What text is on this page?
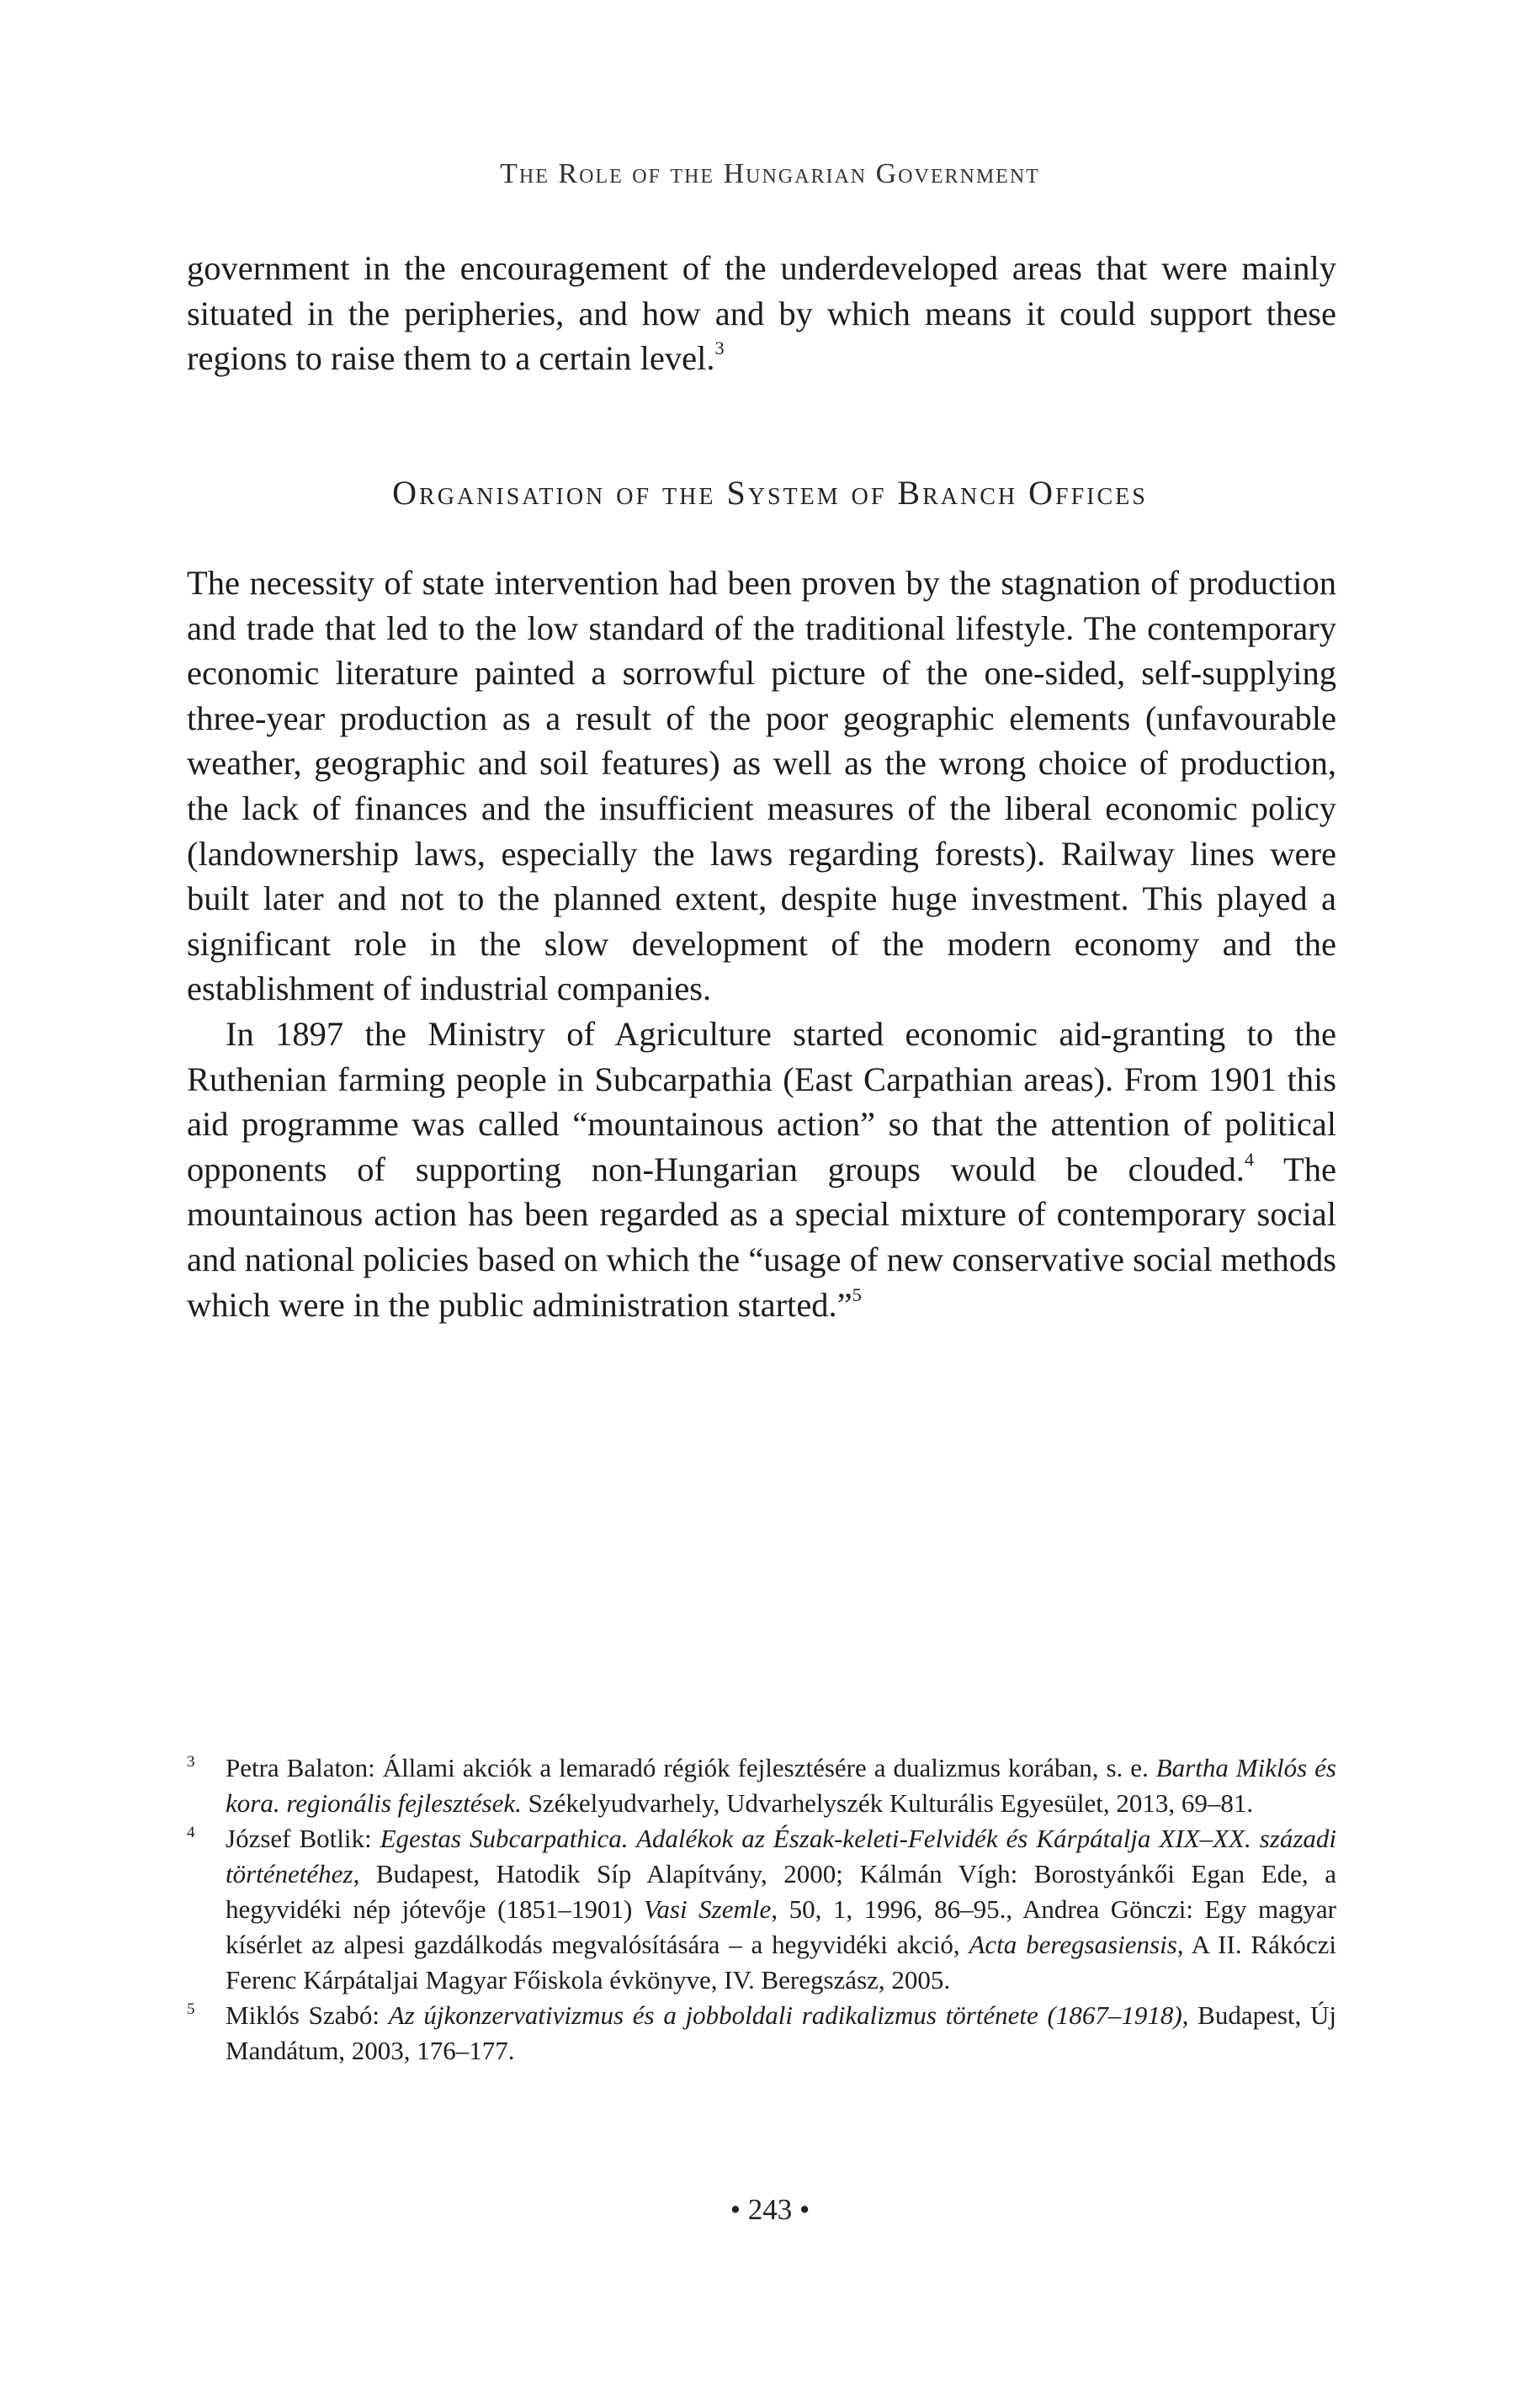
The Role of the Hungarian Government

government in the encouragement of the underdeveloped areas that were mainly situated in the peripheries, and how and by which means it could support these regions to raise them to a certain level.$^3$

Organisation of the System of Branch Offices

The necessity of state intervention had been proven by the stagnation of production and trade that led to the low standard of the traditional lifestyle. The contemporary economic literature painted a sorrowful picture of the one-sided, self-supplying three-year production as a result of the poor geographic elements (unfavourable weather, geographic and soil features) as well as the wrong choice of production, the lack of finances and the insufficient measures of the liberal economic policy (landownership laws, especially the laws regarding forests). Railway lines were built later and not to the planned extent, despite huge investment. This played a significant role in the slow development of the modern economy and the establishment of industrial companies.

In 1897 the Ministry of Agriculture started economic aid-granting to the Ruthenian farming people in Subcarpathia (East Carpathian areas). From 1901 this aid programme was called “mountainous action” so that the attention of political opponents of supporting non-Hungarian groups would be clouded.$^4$ The mountainous action has been regarded as a special mixture of contemporary social and national policies based on which the “usage of new conservative social methods which were in the public administration started.”$^5$

3 Petra Balaton: Állami akciók a lemaradó régiók fejlesztésére a dualizmus korában, s. e. Bartha Miklós és kora. regionális fejlesztések. Székelyudvarhely, Udvarhelyszék Kulturális Egyesület, 2013, 69–81.
4 József Botlik: Egestas Subcarpathica. Adalékok az Észak-keleti-Felvidék és Kárpátalja XIX–XX. századi történetéhez, Budapest, Hatodik Síp Alapítvány, 2000; Kálmán Vígh: Borostyánkői Egan Ede, a hegyvidéki nép jótevője (1851–1901) Vasi Szemle, 50, 1, 1996, 86–95., Andrea Gönczi: Egy magyar kísérlet az alpesi gazdálkodás megvalósítására – a hegyvidéki akció, Acta beregsasiensis, A II. Rákóczi Ferenc Kárpátaljai Magyar Főiskola évkönyve, IV. Beregszász, 2005.
5 Miklós Szabó: Az újkonzervativizmus és a jobboldali radikalizmus története (1867–1918), Budapest, Új Mandátum, 2003, 176–177.
• 243 •
